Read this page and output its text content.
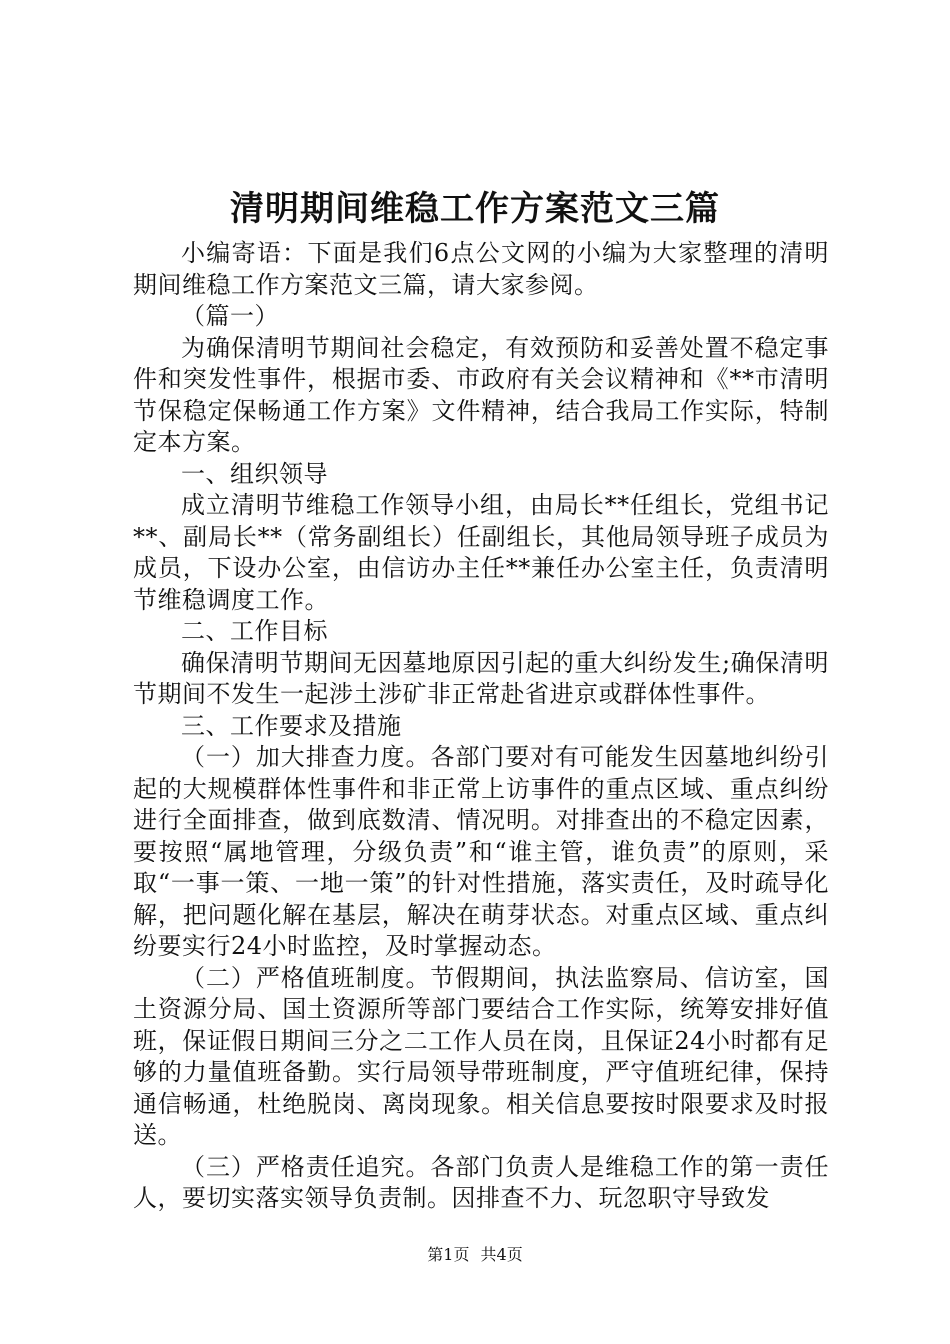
清明期间维稳工作方案范文三篇

小编寄语：下面是我们6点公文网的小编为大家整理的清明期间维稳工作方案范文三篇，请大家参阅。

（篇一）

为确保清明节期间社会稳定，有效预防和妥善处置不稳定事件和突发性事件，根据市委、市政府有关会议精神和《**市清明节保稳定保畅通工作方案》文件精神，结合我局工作实际，特制定本方案。

一、组织领导

成立清明节维稳工作领导小组，由局长**任组长，党组书记**、副局长**（常务副组长）任副组长，其他局领导班子成员为成员，下设办公室，由信访办主任**兼任办公室主任，负责清明节维稳调度工作。

二、工作目标

确保清明节期间无因墓地原因引起的重大纠纷发生;确保清明节期间不发生一起涉土涉矿非正常赴省进京或群体性事件。

三、工作要求及措施

（一）加大排查力度。各部门要对有可能发生因墓地纠纷引起的大规模群体性事件和非正常上访事件的重点区域、重点纠纷进行全面排查，做到底数清、情况明。对排查出的不稳定因素，要按照“属地管理，分级负责”和“谁主管，谁负责”的原则，采取“一事一策、一地一策”的针对性措施，落实责任，及时疏导化解，把问题化解在基层，解决在萌芽状态。对重点区域、重点纠纷要实行24小时监控，及时掌握动态。

（二）严格值班制度。节假期间，执法监察局、信访室，国土资源分局、国土资源所等部门要结合工作实际，统筹安排好值班，保证假日期间三分之二工作人员在岗，且保证24小时都有足够的力量值班备勤。实行局领导带班制度，严守值班纪律，保持通信畅通，杜绝脱岗、离岗现象。相关信息要按时限要求及时报送。

（三）严格责任追究。各部门负责人是维稳工作的第一责任人，要切实落实领导负责制。因排查不力、玩忽职守导致发

第1页 共4页
